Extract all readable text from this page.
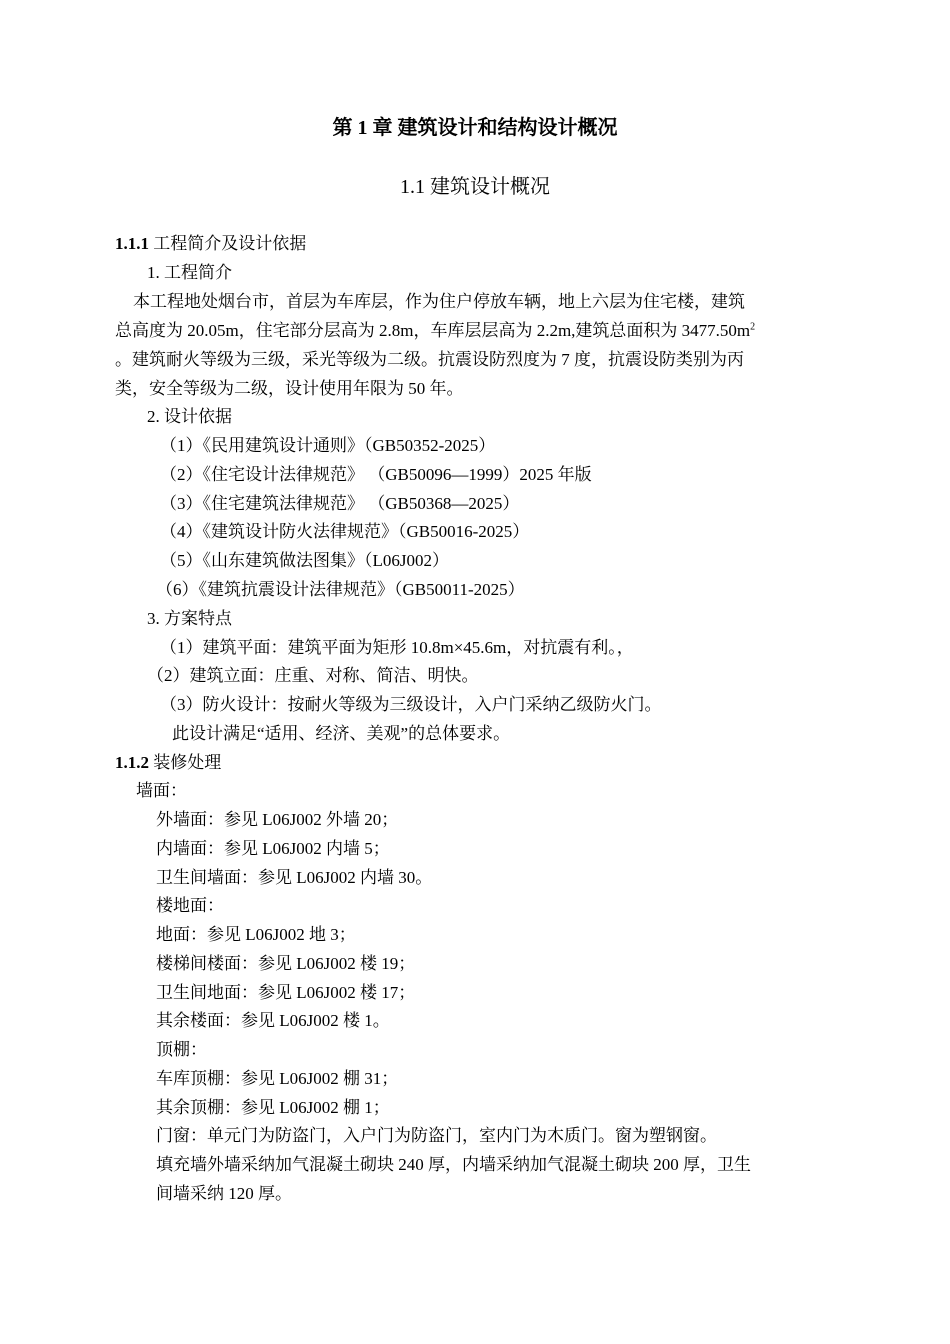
第 1 章 建筑设计和结构设计概况
1.1 建筑设计概况
1.1.1 工程简介及设计依据
1. 工程简介
本工程地处烟台市，首层为车库层，作为住户停放车辆，地上六层为住宅楼，建筑
总高度为 20.05m，住宅部分层高为 2.8m，车库层层高为 2.2m,建筑总面积为 $3477.50m^2$
。建筑耐火等级为三级，采光等级为二级。抗震设防烈度为 7 度，抗震设防类别为丙
类，安全等级为二级，设计使用年限为 50 年。
2. 设计依据
（1）《民用建筑设计通则》（GB50352-2025）
（2）《住宅设计法律规范》 （GB50096—1999）2025 年版
（3）《住宅建筑法律规范》 （GB50368—2025）
（4）《建筑设计防火法律规范》（GB50016-2025）
（5）《山东建筑做法图集》（L06J002）
（6）《建筑抗震设计法律规范》（GB50011-2025）
3. 方案特点
（1）建筑平面：建筑平面为矩形 10.8m×45.6m，对抗震有利。，
（2）建筑立面：庄重、对称、简洁、明快。
（3）防火设计：按耐火等级为三级设计，入户门采纳乙级防火门。
此设计满足“适用、经济、美观”的总体要求。
1.1.2 装修处理
墙面：
外墙面：参见 L06J002 外墙 20；
内墙面：参见 L06J002 内墙 5；
卫生间墙面：参见 L06J002 内墙 30。
楼地面：
地面：参见 L06J002 地 3；
楼梯间楼面：参见 L06J002 楼 19；
卫生间地面：参见 L06J002 楼 17；
其余楼面：参见 L06J002 楼 1。
顶棚：
车库顶棚：参见 L06J002 棚 31；
其余顶棚：参见 L06J002 棚 1；
门窗：单元门为防盗门，入户门为防盗门，室内门为木质门。窗为塑钢窗。
填充墙外墙采纳加气混凝土砌块 240 厚，内墙采纳加气混凝土砌块 200 厚，卫生
间墙采纳 120 厚。
